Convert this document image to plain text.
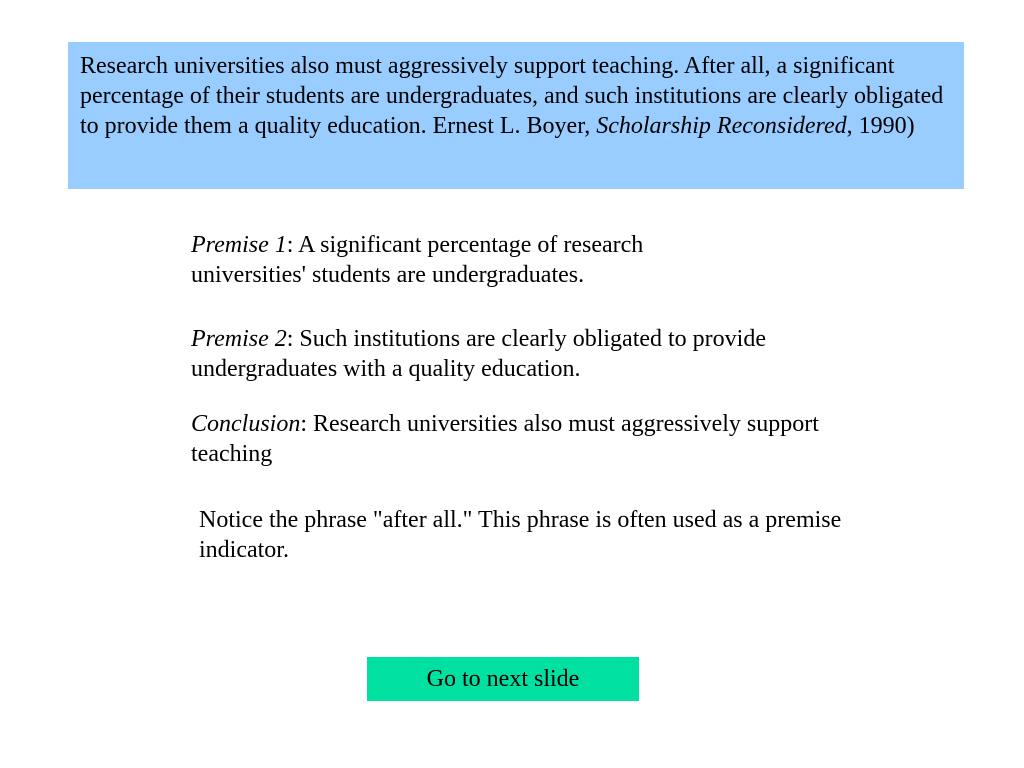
Research universities also must aggressively support teaching. After all, a significant percentage of their students are undergraduates, and such institutions are clearly obligated to provide them a quality education. Ernest L. Boyer, Scholarship Reconsidered, 1990)
Premise 1: A significant percentage of research universities' students are undergraduates.
Premise 2: Such institutions are clearly obligated to provide undergraduates with a quality education.
Conclusion: Research universities also must aggressively support teaching
Notice the phrase "after all." This phrase is often used as a premise indicator.
Go to next slide
